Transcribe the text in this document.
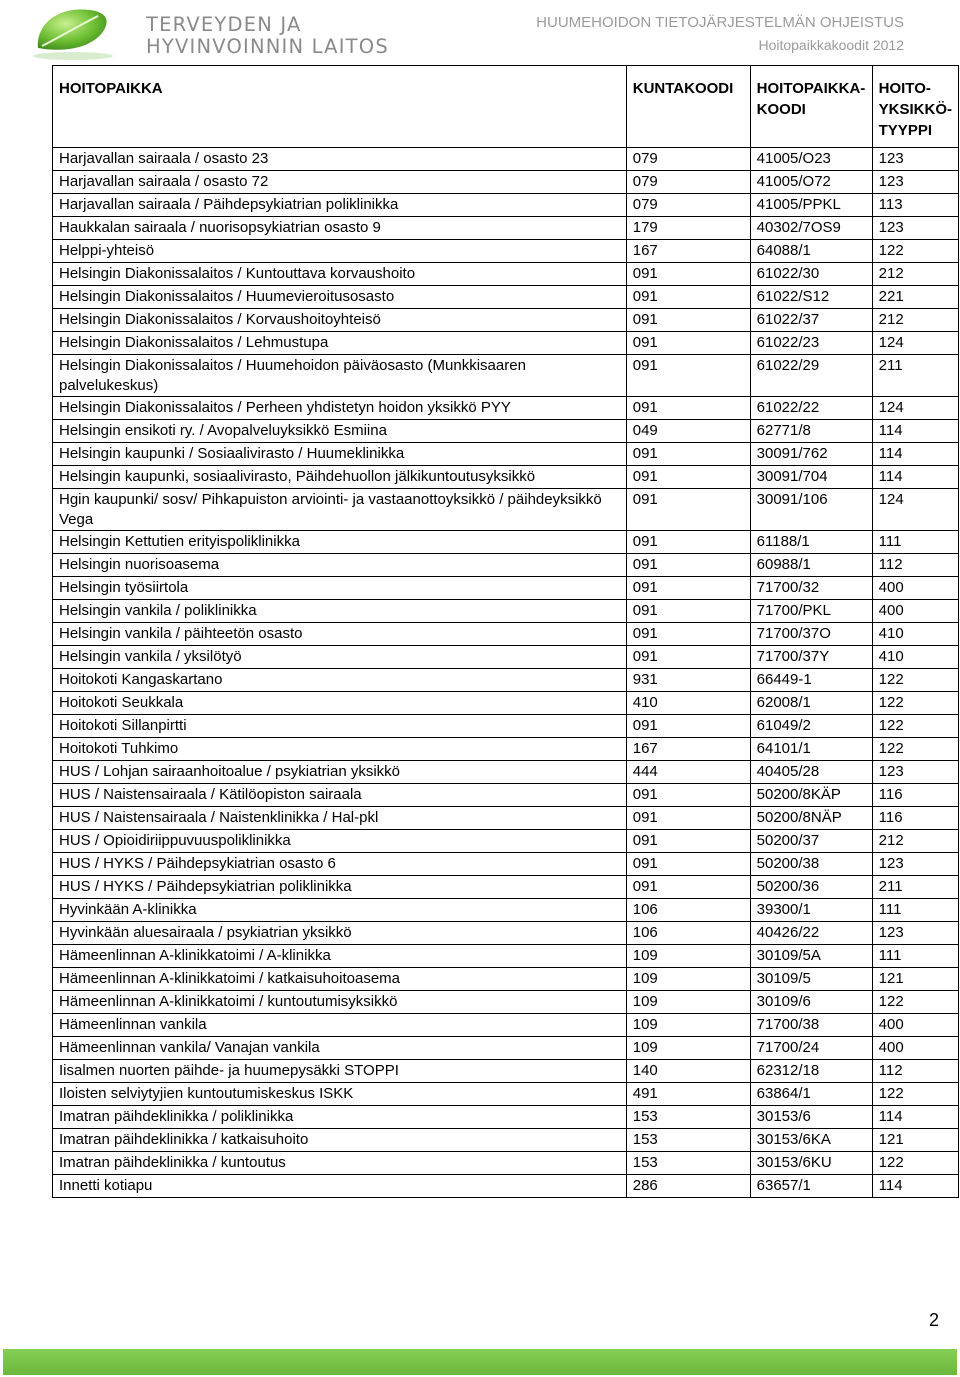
TERVEYDEN JA
HYVINVOINNIN LAITOS
HUUMEHOIDON TIETOJÄRJESTELMÄN OHJEISTUS
Hoitopaikkakoodit 2012
HOITOPAIKKA	KUNTAKOODI	HOITOPAIKKA-KOODI	HOITO-YKSIKKÖ-TYYPPI
Harjavallan sairaala / osasto 23	079	41005/O23	123
Harjavallan sairaala / osasto 72	079	41005/O72	123
Harjavallan sairaala / Päihdepsykiatrian poliklinikka	079	41005/PPKL	113
Haukkalan sairaala / nuorisopsykiatrian osasto 9	179	40302/7OS9	123
Helppi-yhteisö	167	64088/1	122
Helsingin Diakonissalaitos / Kuntouttava korvaushoito	091	61022/30	212
Helsingin Diakonissalaitos / Huumevieroitusosasto	091	61022/S12	221
Helsingin Diakonissalaitos / Korvaushoitoyhteisö	091	61022/37	212
Helsingin Diakonissalaitos / Lehmustupa	091	61022/23	124
Helsingin Diakonissalaitos / Huumehoidon päiväosasto (Munkkisaaren palvelukeskus)	091	61022/29	211
Helsingin Diakonissalaitos / Perheen yhdistetyn hoidon yksikkö PYY	091	61022/22	124
Helsingin ensikoti ry. / Avopalveluyksikkö Esmiina	049	62771/8	114
Helsingin kaupunki / Sosiaalivirasto / Huumeklinikka	091	30091/762	114
Helsingin kaupunki, sosiaalivirasto, Päihdehuollon jälkikuntoutusyksikkö	091	30091/704	114
Hgin kaupunki/ sosv/ Pihkapuiston arviointi- ja vastaanottoyksikkö / päihdeyksikkö Vega	091	30091/106	124
Helsingin Kettutien erityispoliklinikka	091	61188/1	111
Helsingin nuorisoasema	091	60988/1	112
Helsingin työsiirtola	091	71700/32	400
Helsingin vankila / poliklinikka	091	71700/PKL	400
Helsingin vankila / päihteetön osasto	091	71700/37O	410
Helsingin vankila / yksilötyö	091	71700/37Y	410
Hoitokoti Kangaskartano	931	66449-1	122
Hoitokoti Seukkala	410	62008/1	122
Hoitokoti Sillanpirtti	091	61049/2	122
Hoitokoti Tuhkimo	167	64101/1	122
HUS / Lohjan sairaanhoitoalue / psykiatrian yksikkö	444	40405/28	123
HUS / Naistensairaala / Kätilöopiston sairaala	091	50200/8KÄP	116
HUS / Naistensairaala / Naistenklinikka / Hal-pkl	091	50200/8NÄP	116
HUS / Opioidiriippuvuuspoliklinikka	091	50200/37	212
HUS / HYKS / Päihdepsykiatrian osasto 6	091	50200/38	123
HUS / HYKS / Päihdepsykiatrian poliklinikka	091	50200/36	211
Hyvinkään A-klinikka	106	39300/1	111
Hyvinkään aluesairaala / psykiatrian yksikkö	106	40426/22	123
Hämeenlinnan A-klinikkatoimi / A-klinikka	109	30109/5A	111
Hämeenlinnan A-klinikkatoimi / katkaisuhoitoasema	109	30109/5	121
Hämeenlinnan A-klinikkatoimi / kuntoutumisyksikkö	109	30109/6	122
Hämeenlinnan vankila	109	71700/38	400
Hämeenlinnan vankila/ Vanajan vankila	109	71700/24	400
Iisalmen nuorten päihde- ja huumepysäkki STOPPI	140	62312/18	112
Iloisten selviytyjien kuntoutumiskeskus ISKK	491	63864/1	122
Imatran päihdeklinikka / poliklinikka	153	30153/6	114
Imatran päihdeklinikka / katkaisuhoito	153	30153/6KA	121
Imatran päihdeklinikka / kuntoutus	153	30153/6KU	122
Innetti kotiapu	286	63657/1	114
2
